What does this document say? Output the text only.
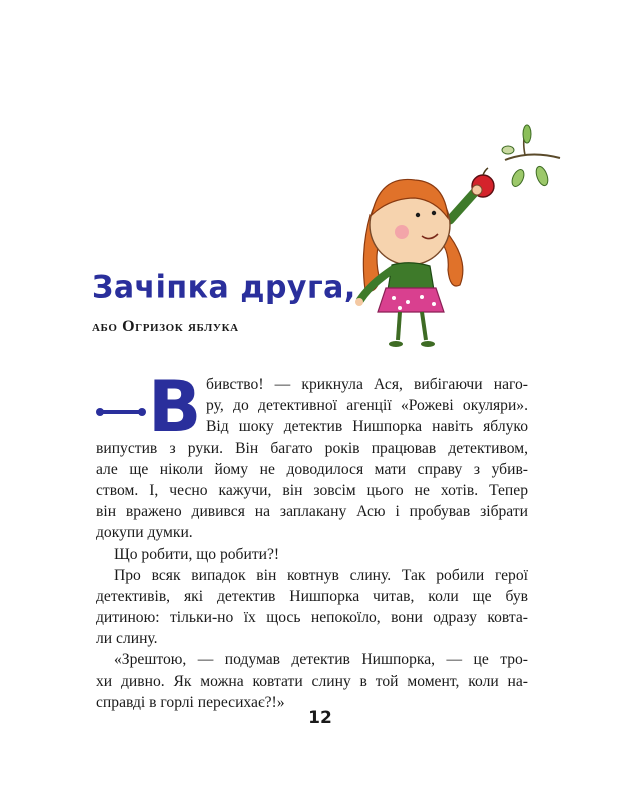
Зачіпка друга,
або Огризок яблука
В бивство! — крикнула Ася, вибігаючи наго-
ру, до детективної агенції «Рожеві окуляри».
Від шоку детектив Нишпорка навіть яблуко
випустив з руки. Він багато років працював детективом,
але ще ніколи йому не доводилося мати справу з убив-
ством. І, чесно кажучи, він зовсім цього не хотів. Тепер
він вражено дивився на заплакану Асю і пробував зібрати
докупи думки.
Що робити, що робити?!
Про всяк випадок він ковтнув слину. Так робили герої
детективів, які детектив Нишпорка читав, коли ще був
дитиною: тільки-но їх щось непокоїло, вони одразу ковта-
ли слину.
«Зрештою, — подумав детектив Нишпорка, — це тро-
хи дивно. Як можна ковтати слину в той момент, коли на-
справді в горлі пересихає?!»
12
